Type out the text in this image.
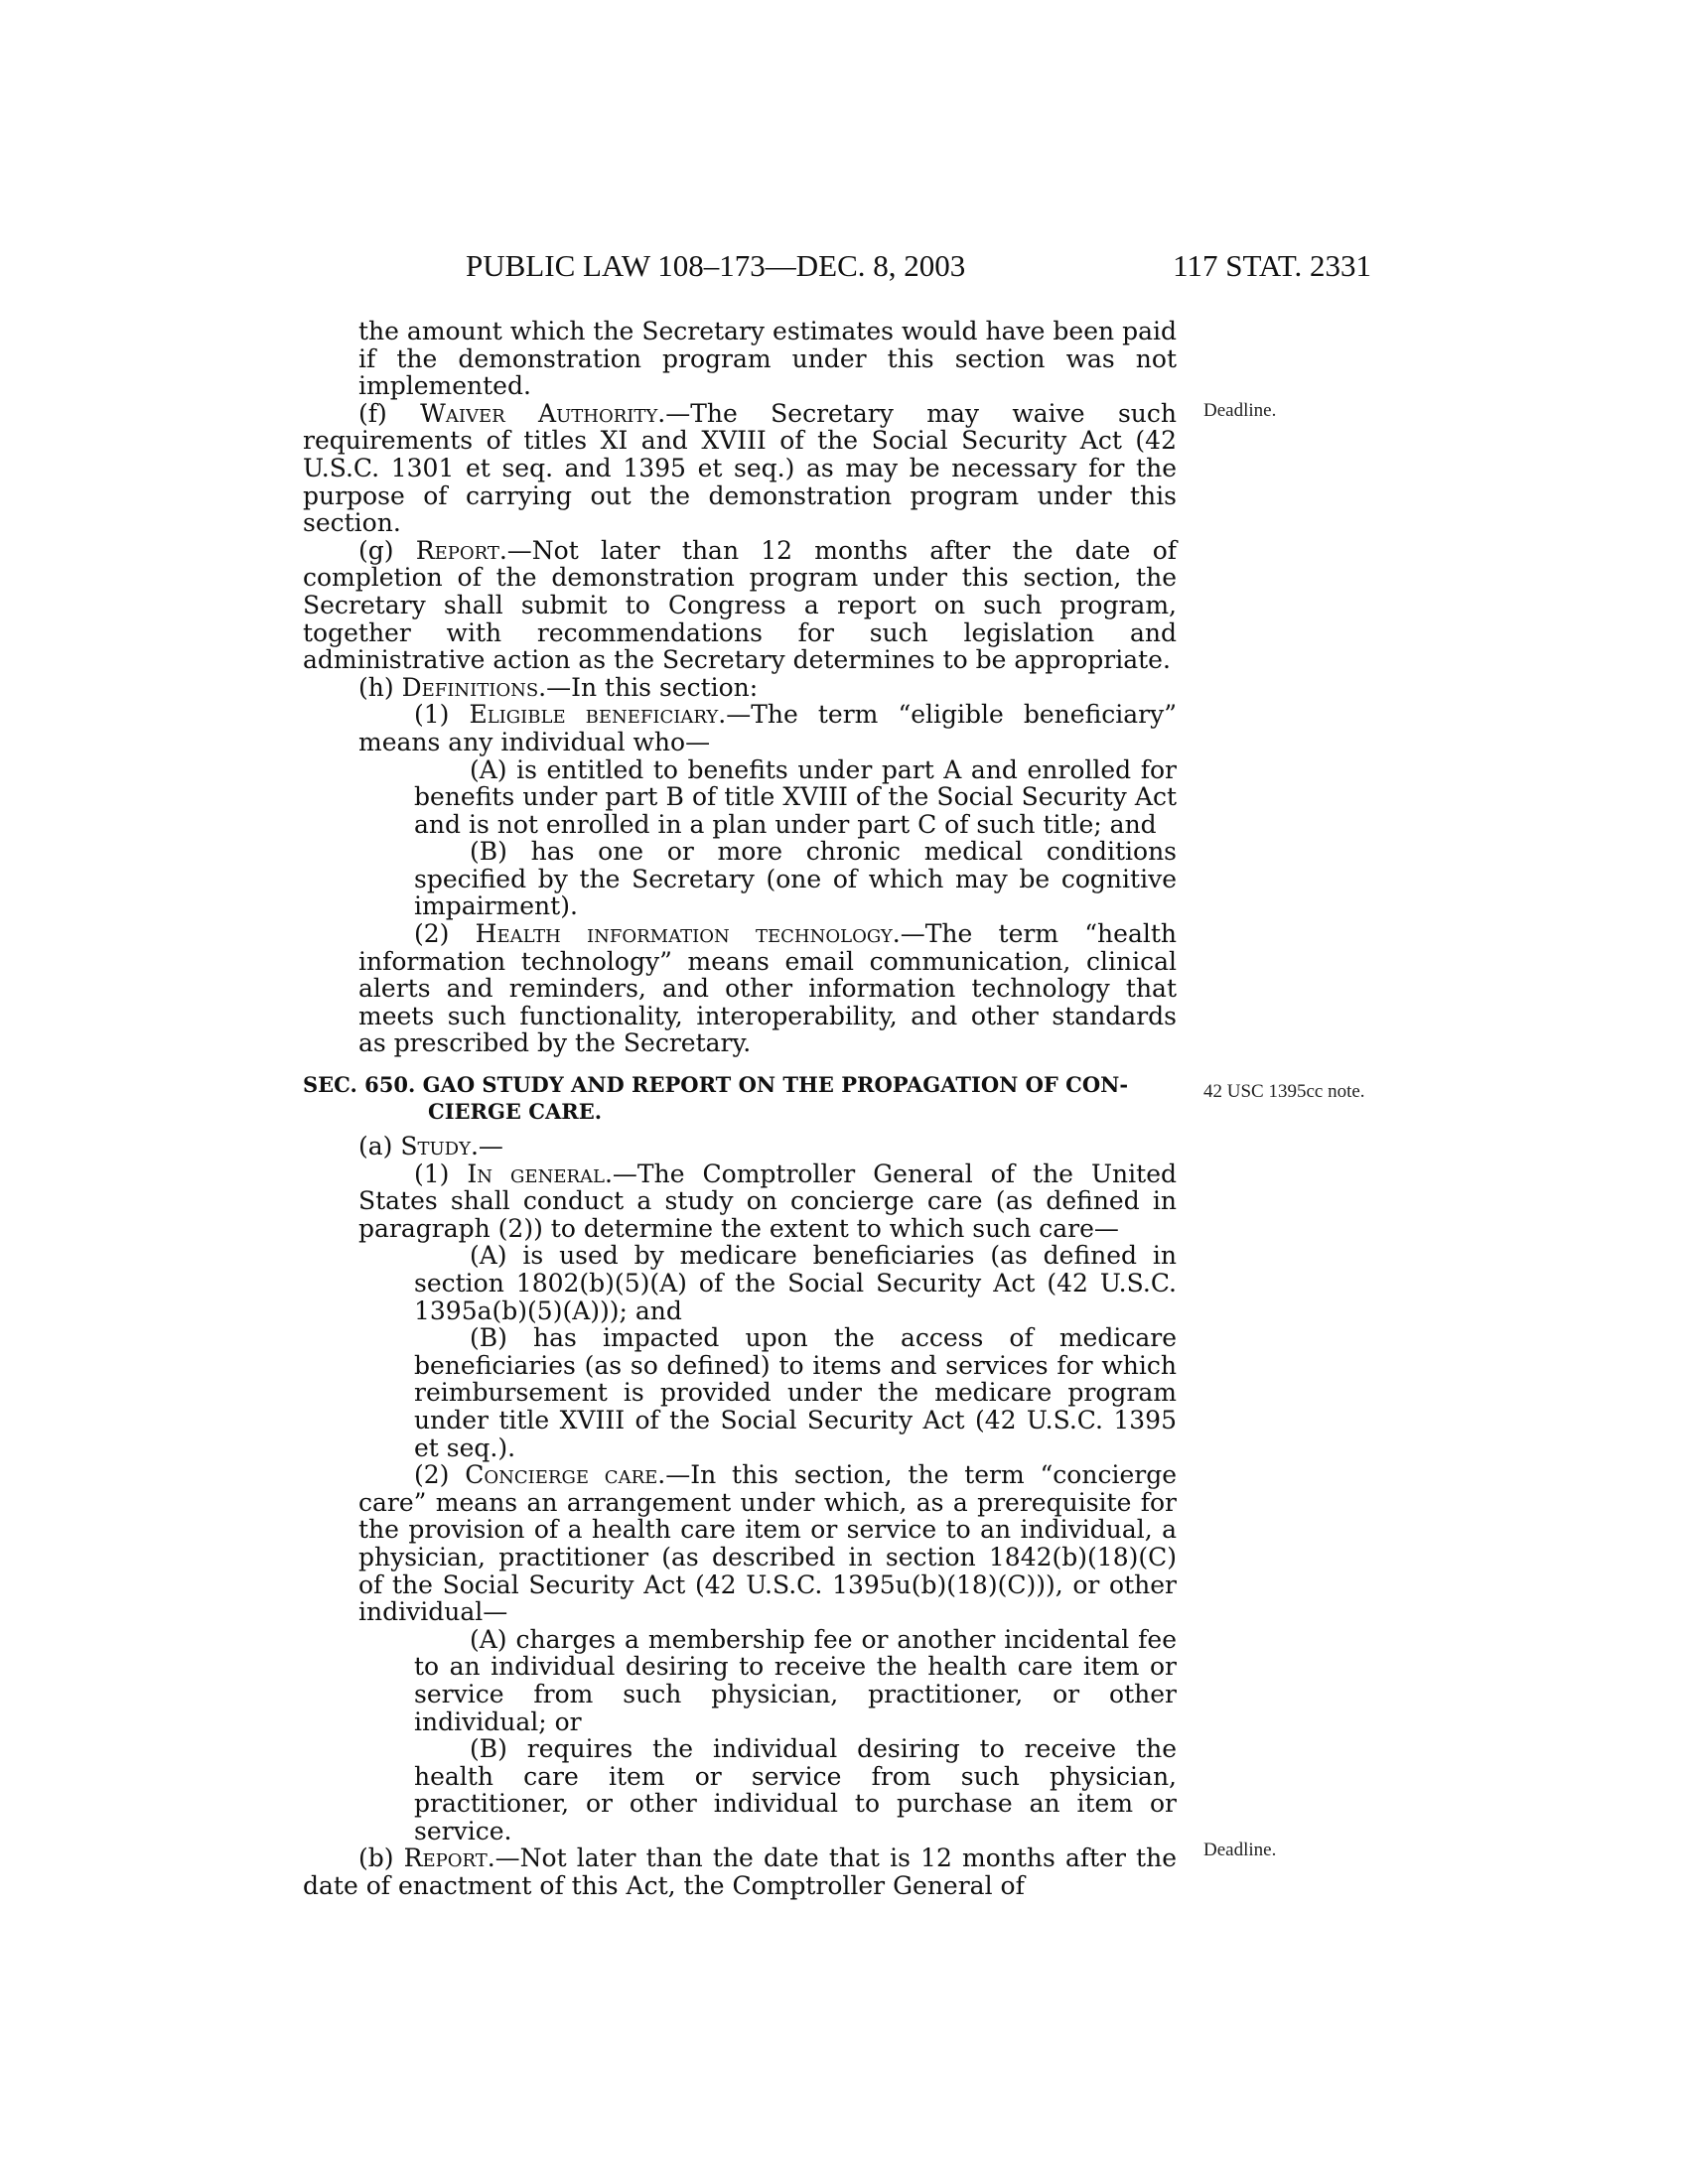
PUBLIC LAW 108–173—DEC. 8, 2003	117 STAT. 2331
Deadline.
42 USC 1395cc note.
Deadline.

the amount which the Secretary estimates would have been paid if the demonstration program under this section was not implemented.

(f) Waiver Authority.—The Secretary may waive such requirements of titles XI and XVIII of the Social Security Act (42 U.S.C. 1301 et seq. and 1395 et seq.) as may be necessary for the purpose of carrying out the demonstration program under this section.

(g) Report.—Not later than 12 months after the date of completion of the demonstration program under this section, the Secretary shall submit to Congress a report on such program, together with recommendations for such legislation and administrative action as the Secretary determines to be appropriate.

(h) Definitions.—In this section:

(1) Eligible beneficiary.—The term “eligible beneficiary” means any individual who—

(A) is entitled to benefits under part A and enrolled for benefits under part B of title XVIII of the Social Security Act and is not enrolled in a plan under part C of such title; and

(B) has one or more chronic medical conditions specified by the Secretary (one of which may be cognitive impairment).

(2) Health information technology.—The term “health information technology” means email communication, clinical alerts and reminders, and other information technology that meets such functionality, interoperability, and other standards as prescribed by the Secretary.

SEC. 650. GAO STUDY AND REPORT ON THE PROPAGATION OF CON-
CIERGE CARE.

(a) Study.—

(1) In general.—The Comptroller General of the United States shall conduct a study on concierge care (as defined in paragraph (2)) to determine the extent to which such care—

(A) is used by medicare beneficiaries (as defined in section 1802(b)(5)(A) of the Social Security Act (42 U.S.C. 1395a(b)(5)(A))); and

(B) has impacted upon the access of medicare beneficiaries (as so defined) to items and services for which reimbursement is provided under the medicare program under title XVIII of the Social Security Act (42 U.S.C. 1395 et seq.).

(2) Concierge care.—In this section, the term “concierge care” means an arrangement under which, as a prerequisite for the provision of a health care item or service to an individual, a physician, practitioner (as described in section 1842(b)(18)(C) of the Social Security Act (42 U.S.C. 1395u(b)(18)(C))), or other individual—

(A) charges a membership fee or another incidental fee to an individual desiring to receive the health care item or service from such physician, practitioner, or other individual; or

(B) requires the individual desiring to receive the health care item or service from such physician, practitioner, or other individual to purchase an item or service.

(b) Report.—Not later than the date that is 12 months after the date of enactment of this Act, the Comptroller General of
